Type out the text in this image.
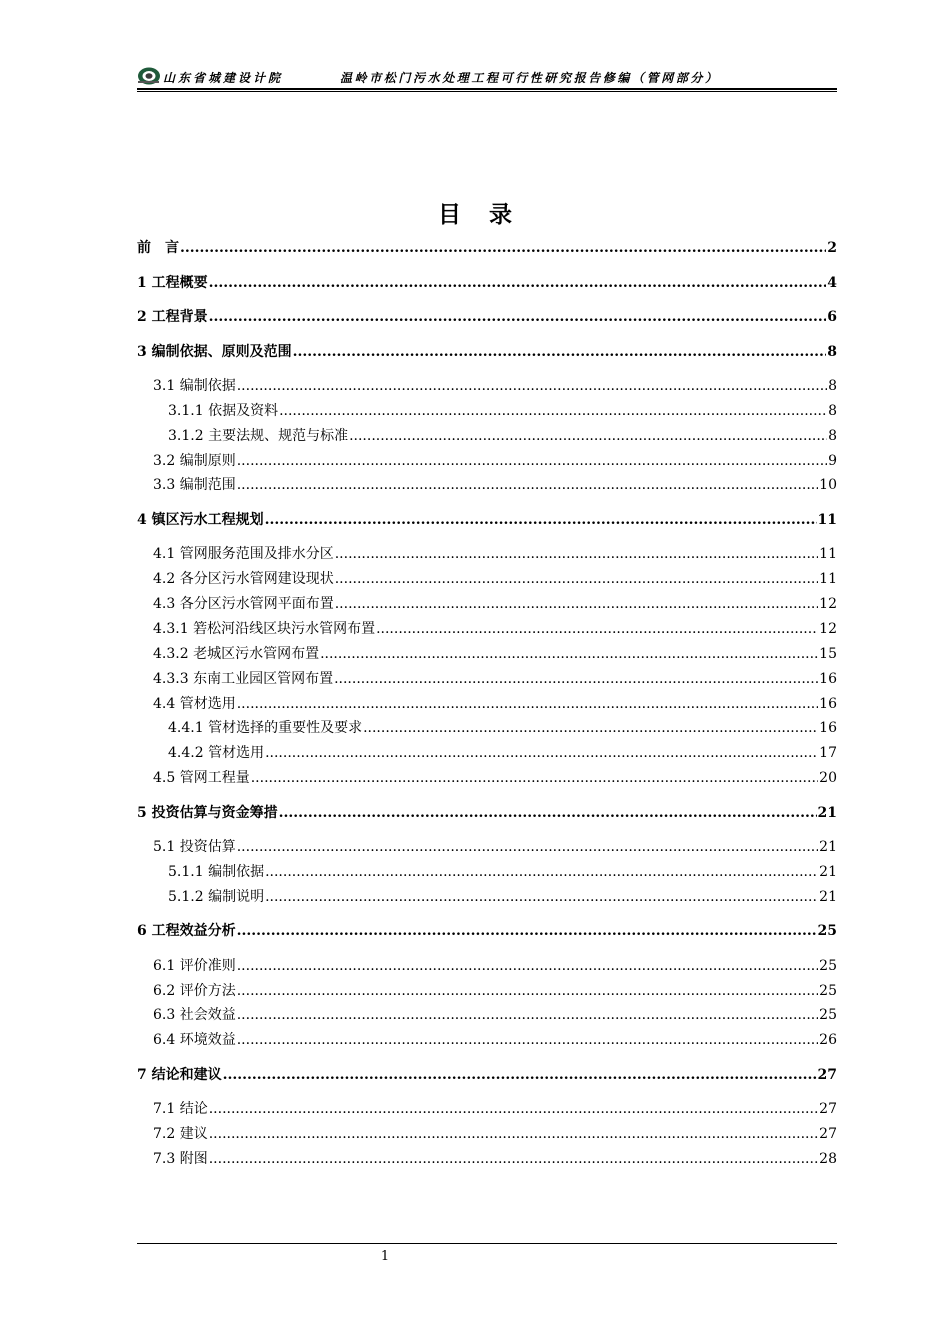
山东省城建设计院	温岭市松门污水处理工程可行性研究报告修编（管网部分）
目录
前　言 .....	2
1 工程概要 .....	4
2 工程背景 .....	6
3 编制依据、原则及范围 .....	8
3.1 编制依据 .....	8
3.1.1 依据及资料 .....	8
3.1.2 主要法规、规范与标准 .....	8
3.2 编制原则 .....	9
3.3 编制范围 .....	10
4 镇区污水工程规划 .....	11
4.1 管网服务范围及排水分区 .....	11
4.2 各分区污水管网建设现状 .....	11
4.3 各分区污水管网平面布置 .....	12
4.3.1 箬松河沿线区块污水管网布置 .....	12
4.3.2 老城区污水管网布置 .....	15
4.3.3 东南工业园区管网布置 .....	16
4.4 管材选用 .....	16
4.4.1 管材选择的重要性及要求 .....	16
4.4.2 管材选用 .....	17
4.5 管网工程量 .....	20
5 投资估算与资金筹措 .....	21
5.1 投资估算 .....	21
5.1.1 编制依据 .....	21
5.1.2 编制说明 .....	21
6 工程效益分析 .....	25
6.1 评价准则 .....	25
6.2 评价方法 .....	25
6.3 社会效益 .....	25
6.4 环境效益 .....	26
7 结论和建议 .....	27
7.1 结论 .....	27
7.2 建议 .....	27
7.3 附图 .....	28
1
